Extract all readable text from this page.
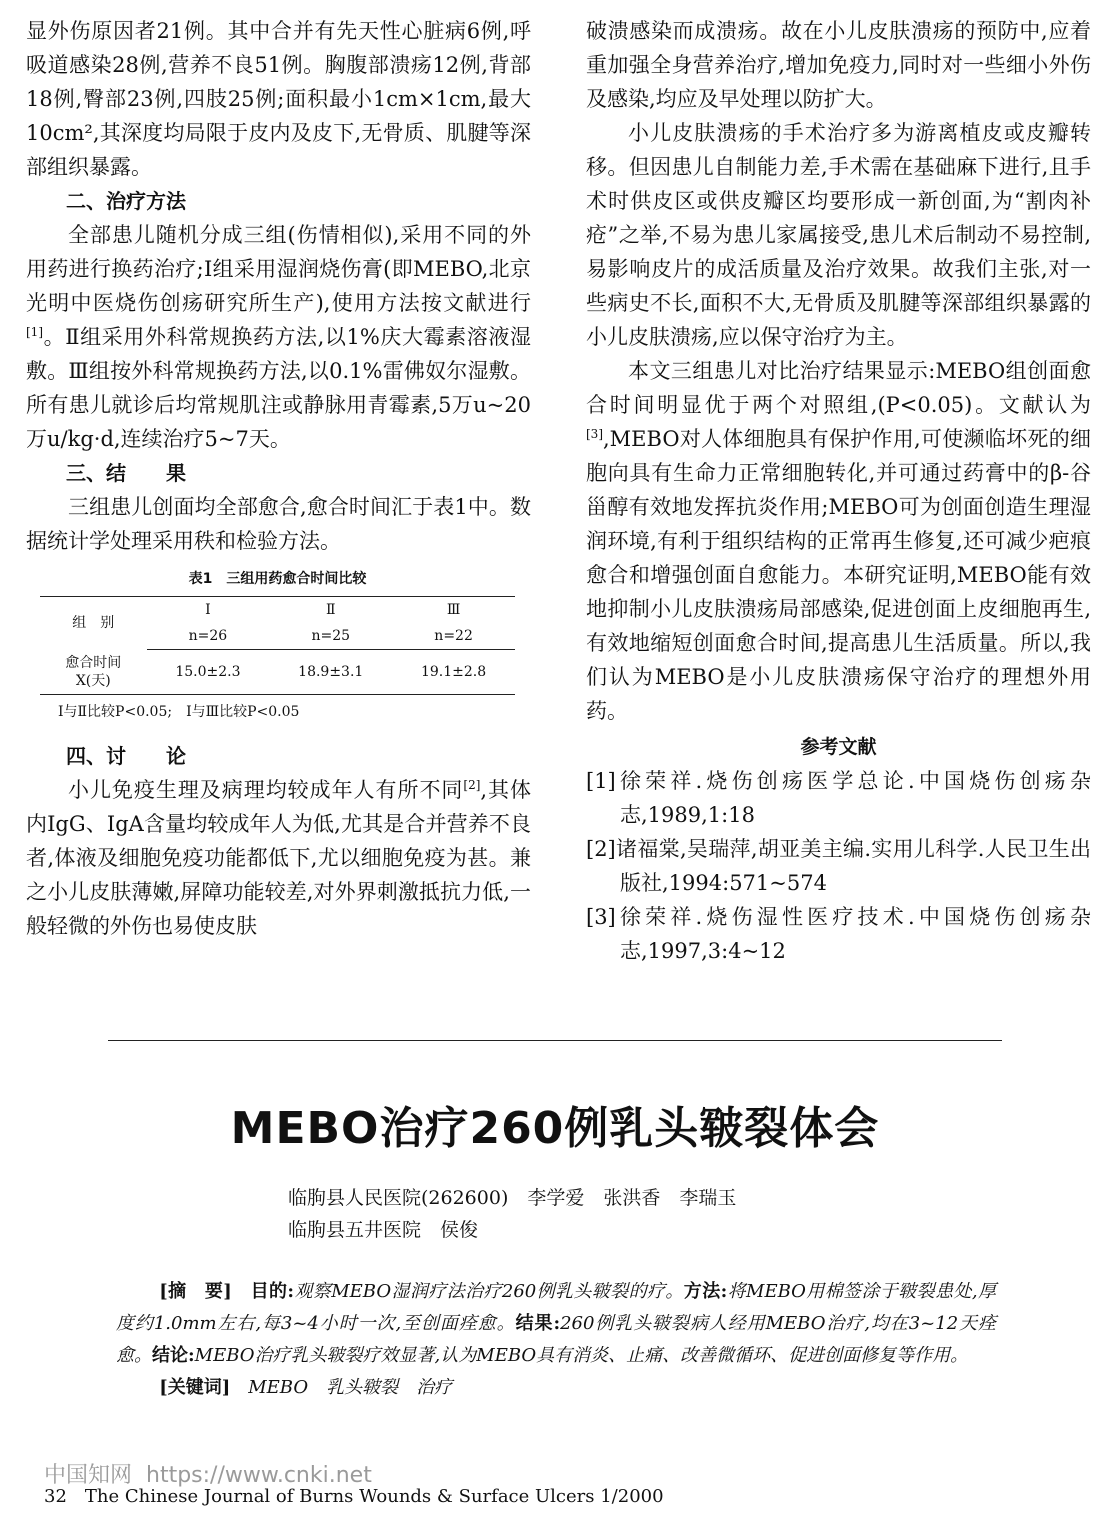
显外伤原因者21例。其中合并有先天性心脏病6例,呼吸道感染28例,营养不良51例。胸腹部溃疡12例,背部18例,臀部23例,四肢25例;面积最小1cm×1cm,最大10cm²,其深度均局限于皮内及皮下,无骨质、肌腱等深部组织暴露。

二、治疗方法

全部患儿随机分成三组(伤情相似),采用不同的外用药进行换药治疗;Ⅰ组采用湿润烧伤膏(即MEBO,北京光明中医烧伤创疡研究所生产),使用方法按文献进行[1]。Ⅱ组采用外科常规换药方法,以1%庆大霉素溶液湿敷。Ⅲ组按外科常规换药方法,以0.1%雷佛奴尔湿敷。所有患儿就诊后均常规肌注或静脉用青霉素,5万u~20万u/kg·d,连续治疗5~7天。

三、结　　果

三组患儿创面均全部愈合,愈合时间汇于表1中。数据统计学处理采用秩和检验方法。

表1　三组用药愈合时间比较
组　别	Ⅰ	Ⅱ	Ⅲ
	n=26	n=25	n=22
愈合时间
X(天)	15.0±2.3	18.9±3.1	19.1±2.8
Ⅰ与Ⅱ比较P<0.05;　Ⅰ与Ⅲ比较P<0.05
四、讨　　论

小儿免疫生理及病理均较成年人有所不同[2],其体内IgG、IgA含量均较成年人为低,尤其是合并营养不良者,体液及细胞免疫功能都低下,尤以细胞免疫为甚。兼之小儿皮肤薄嫩,屏障功能较差,对外界刺激抵抗力低,一般轻微的外伤也易使皮肤

破溃感染而成溃疡。故在小儿皮肤溃疡的预防中,应着重加强全身营养治疗,增加免疫力,同时对一些细小外伤及感染,均应及早处理以防扩大。

小儿皮肤溃疡的手术治疗多为游离植皮或皮瓣转移。但因患儿自制能力差,手术需在基础麻下进行,且手术时供皮区或供皮瓣区均要形成一新创面,为“割肉补疮”之举,不易为患儿家属接受,患儿术后制动不易控制,易影响皮片的成活质量及治疗效果。故我们主张,对一些病史不长,面积不大,无骨质及肌腱等深部组织暴露的小儿皮肤溃疡,应以保守治疗为主。

本文三组患儿对比治疗结果显示:MEBO组创面愈合时间明显优于两个对照组,(P<0.05)。文献认为[3],MEBO对人体细胞具有保护作用,可使濒临坏死的细胞向具有生命力正常细胞转化,并可通过药膏中的β-谷甾醇有效地发挥抗炎作用;MEBO可为创面创造生理湿润环境,有利于组织结构的正常再生修复,还可减少疤痕愈合和增强创面自愈能力。本研究证明,MEBO能有效地抑制小儿皮肤溃疡局部感染,促进创面上皮细胞再生,有效地缩短创面愈合时间,提高患儿生活质量。所以,我们认为MEBO是小儿皮肤溃疡保守治疗的理想外用药。

参考文献

[1]徐荣祥.烧伤创疡医学总论.中国烧伤创疡杂志,1989,1:18

[2]诸福棠,吴瑞萍,胡亚美主编.实用儿科学.人民卫生出版社,1994:571~574

[3]徐荣祥.烧伤湿性医疗技术.中国烧伤创疡杂志,1997,3:4~12

MEBO治疗260例乳头皲裂体会
临朐县人民医院(262600)　李学爱　张洪香　李瑞玉
临朐县五井医院　侯俊

[摘　要]　 目的:观察MEBO湿润疗法治疗260例乳头皲裂的疗。方法:将MEBO用棉签涂于皲裂患处,厚度约1.0mm左右,每3~4小时一次,至创面痊愈。结果:260例乳头皲裂病人经用MEBO治疗,均在3~12天痊愈。结论:MEBO治疗乳头皲裂疗效显著,认为MEBO具有消炎、止痛、改善微循环、促进创面修复等作用。

[关键词]　 MEBO　乳头皲裂　治疗

中国知网 https://www.cnki.net
32　The Chinese Journal of Burns Wounds & Surface Ulcers 1/2000
